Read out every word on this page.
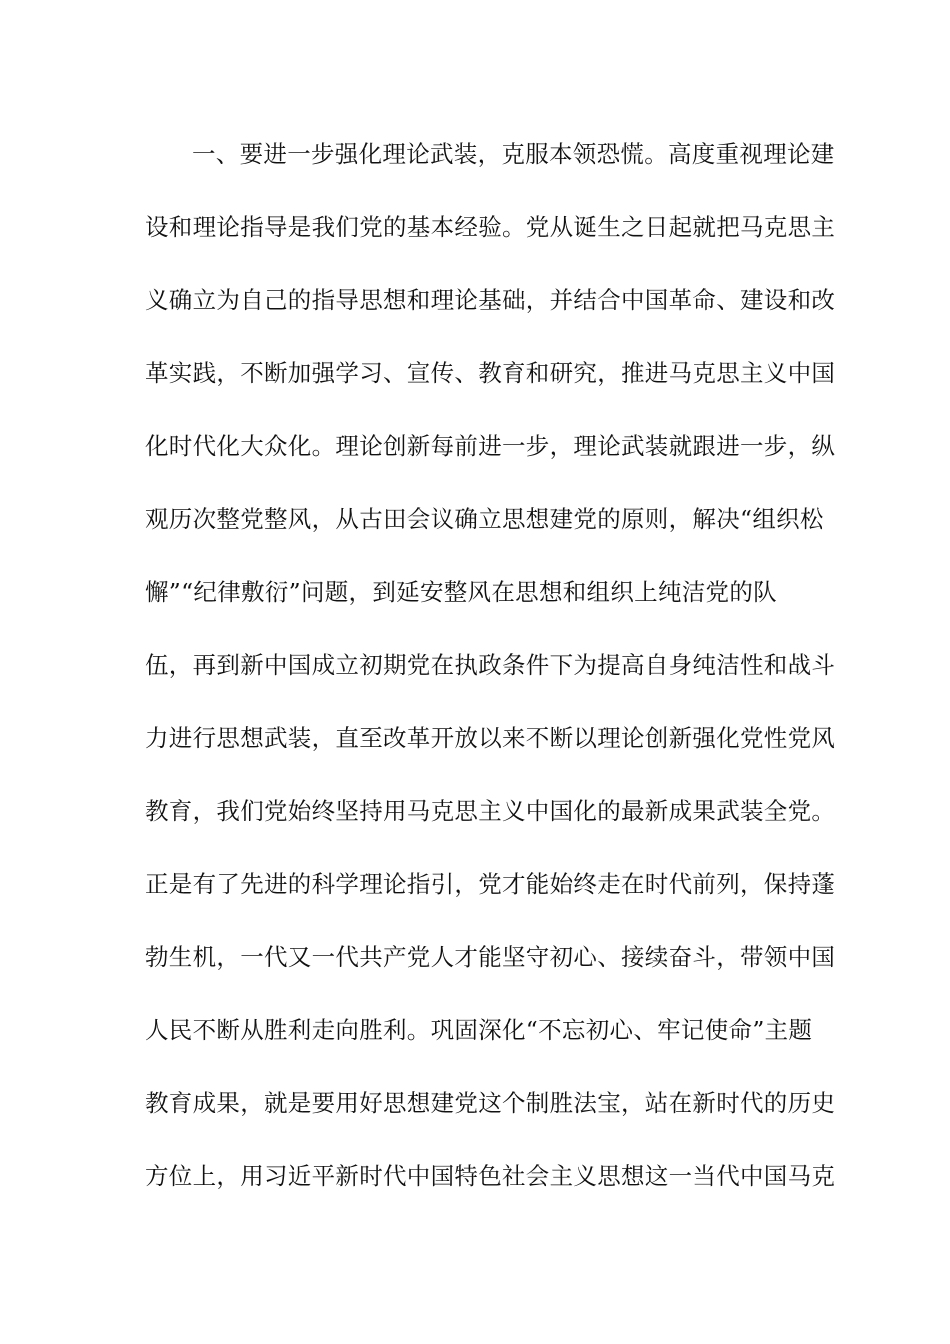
一、要进一步强化理论武装，克服本领恐慌。高度重视理论建
设和理论指导是我们党的基本经验。党从诞生之日起就把马克思主
义确立为自己的指导思想和理论基础，并结合中国革命、建设和改
革实践，不断加强学习、宣传、教育和研究，推进马克思主义中国
化时代化大众化。理论创新每前进一步，理论武装就跟进一步，纵
观历次整党整风，从古田会议确立思想建党的原则，解决“组织松
懈”“纪律敷衍”问题，到延安整风在思想和组织上纯洁党的队
伍，再到新中国成立初期党在执政条件下为提高自身纯洁性和战斗
力进行思想武装，直至改革开放以来不断以理论创新强化党性党风
教育，我们党始终坚持用马克思主义中国化的最新成果武装全党。
正是有了先进的科学理论指引，党才能始终走在时代前列，保持蓬
勃生机，一代又一代共产党人才能坚守初心、接续奋斗，带领中国
人民不断从胜利走向胜利。巩固深化“不忘初心、牢记使命”主题
教育成果，就是要用好思想建党这个制胜法宝，站在新时代的历史
方位上，用习近平新时代中国特色社会主义思想这一当代中国马克
